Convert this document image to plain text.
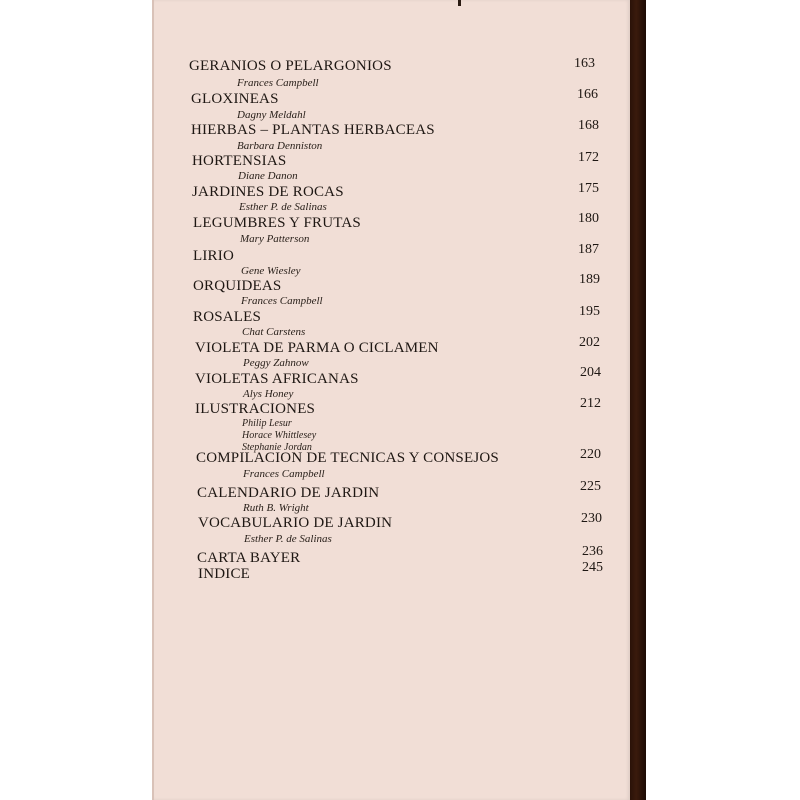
GERANIOS O PELARGONIOS	163
Frances Campbell
GLOXINEAS	166
Dagny Meldahl
HIERBAS – PLANTAS HERBACEAS	168
Barbara Denniston
HORTENSIAS	172
Diane Danon
JARDINES DE ROCAS	175
Esther P. de Salinas
LEGUMBRES Y FRUTAS	180
Mary Patterson
LIRIO	187
Gene Wiesley
ORQUIDEAS	189
Frances Campbell
ROSALES	195
Chat Carstens
VIOLETA DE PARMA O CICLAMEN	202
Peggy Zahnow
VIOLETAS AFRICANAS	204
Alys Honey
ILUSTRACIONES	212
Philip Lesur
Horace Whittlesey
Stephanie Jordan
COMPILACION DE TECNICAS Y CONSEJOS	220
Frances Campbell
CALENDARIO DE JARDIN	225
Ruth B. Wright
VOCABULARIO DE JARDIN	230
Esther P. de Salinas
CARTA BAYER	236
INDICE	245
